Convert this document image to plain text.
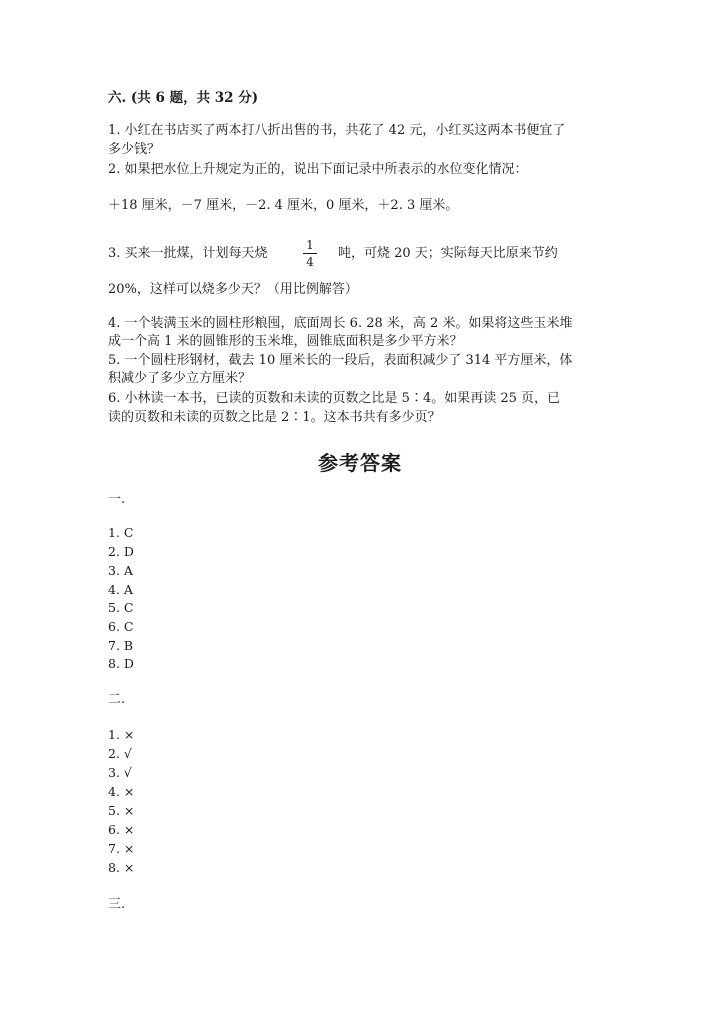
六. (共 6 题，共 32 分)
1. 小红在书店买了两本打八折出售的书，共花了 42 元，小红买这两本书便宜了
多少钱？
2. 如果把水位上升规定为正的，说出下面记录中所表示的水位变化情况：
＋18 厘米，－7 厘米，－2. 4 厘米，0 厘米，＋2. 3 厘米。
3. 买来一批煤，计划每天烧
1
4
吨，可烧 20 天；实际每天比原来节约
20%，这样可以烧多少天？（用比例解答）
4. 一个装满玉米的圆柱形粮囤，底面周长 6. 28 米，高 2 米。如果将这些玉米堆
成一个高 1 米的圆锥形的玉米堆，圆锥底面积是多少平方米？
5. 一个圆柱形钢材，截去 10 厘米长的一段后，表面积减少了 314 平方厘米，体
积减少了多少立方厘米？
6. 小林读一本书，已读的页数和未读的页数之比是 5∶4。如果再读 25 页，已
读的页数和未读的页数之比是 2∶1。这本书共有多少页？
参考答案
一.
1. C
2. D
3. A
4. A
5. C
6. C
7. B
8. D
二.
1. ×
2. √
3. √
4. ×
5. ×
6. ×
7. ×
8. ×
三.
